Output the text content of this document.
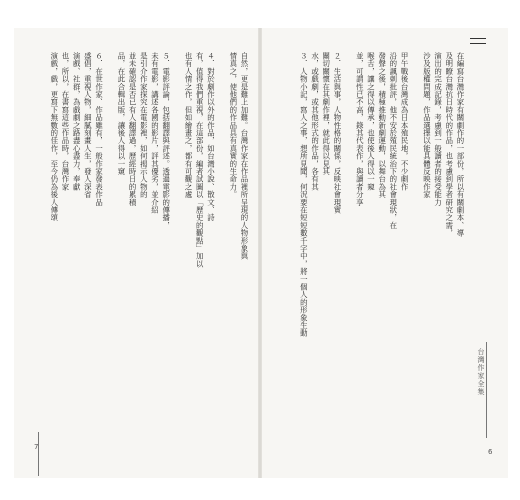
自然，更是難上加難。台灣作家在作品裡所呈現的人物形象與
情真之，使他們的作品具有真實的生命力。
４．對於劇作以外的作品，如台灣小說、散文、詩
有，值得我們重視，在這部份，編者試圖以「歷史的觀點」加以
也有人情之作，但如繪畫之，都有可觀之處
５．電影評論，包括翻譯與評述。透過電影的傳播，
未有電影，講述各國的影片，評其優劣，並介紹
是引介作家探究在電影裡，如何揭示人物的
並未確認是否已有人翻譯過，歷經時日的累積
品，在此合輯出版，讓後人得以一窺
６．在世作家、作品雖有，一般作家發表作品
盛倡，重視人物，細膩刻畫人生，發人深省
演戲、社群，為戲劇之路盡心盡力，奉獻
也，所以，在書寫這些作品時，台灣作家
演戲，戲，更寫下無數的佳作，至今仍為後人傳頌
7
在編寫台灣作家有關劇作的一部份，所以有關劇本、導
及明瞭台灣抗日時代的作品，也考慮到學者研究之需，
演出的完成記錄，考慮到一般讀者的接受能力
沙及版權問題，作品選擇以能具體反映作家
甲午戰後台灣成為日本殖民地，不少劇作
沿的諷刺批評，他不安於殖民統治下的社會現狀，在
發聲之後，積極推動新劇運動，以舞台為其
喉舌，讓之得以傳承，也使後人得以一窺
並，可謂性已不高，錄其代表作，與讀者分享
２．生活與事，人物性格的關係，反映社會現實
關切關懷在其劇作裡，就此得以見其
水，或戲劇，或其他形式的作品，各有其
３．人物小記，寫人之事，想所見聞，何況要在短短數千字中，將一個人的形象生動
台灣作家全集
6
